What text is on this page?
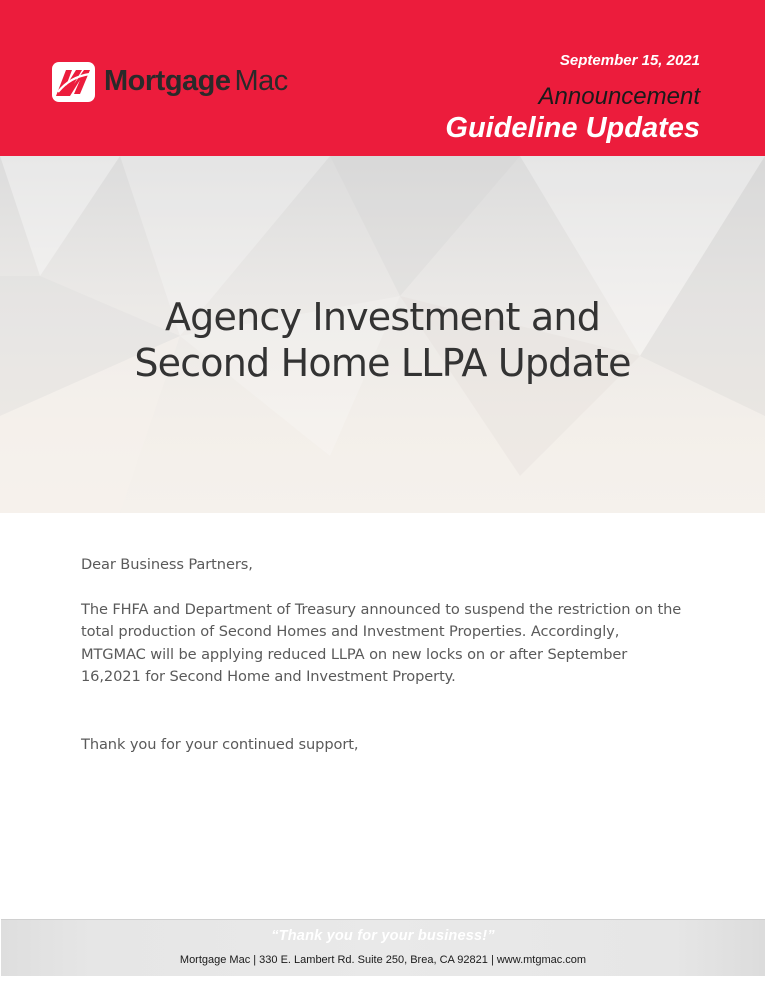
Mortgage Mac
September 15, 2021
Announcement
Guideline Updates
Agency Investment and
Second Home LLPA Update
Dear Business Partners,
The FHFA and Department of Treasury announced to suspend the restriction on the total production of Second Homes and Investment Properties. Accordingly, MTGMAC will be applying reduced LLPA on new locks on or after September 16,2021 for Second Home and Investment Property.
Thank you for your continued support,
“Thank you for your business!”
Mortgage Mac | 330 E. Lambert Rd. Suite 250, Brea, CA 92821 | www.mtgmac.com
